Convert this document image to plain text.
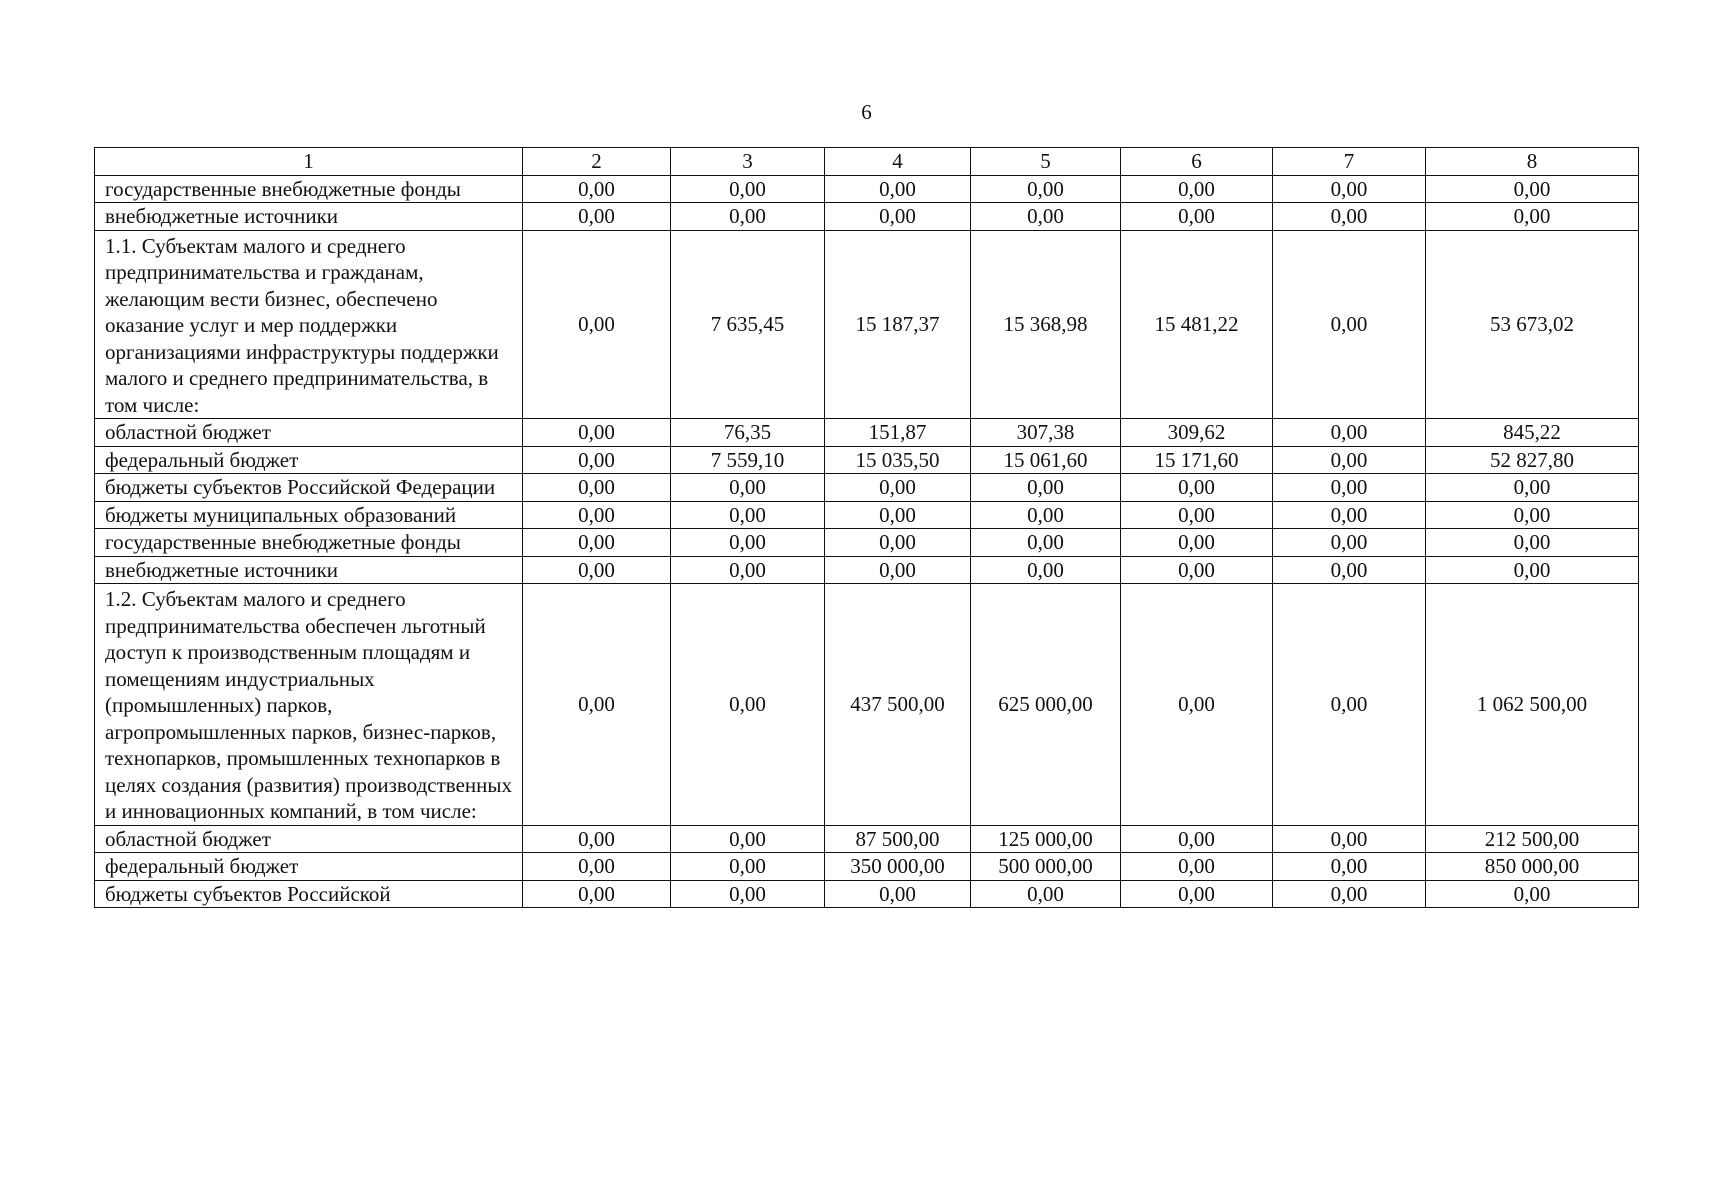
6
1	2	3	4	5	6	7	8
государственные внебюджетные фонды	0,00	0,00	0,00	0,00	0,00	0,00	0,00
внебюджетные источники	0,00	0,00	0,00	0,00	0,00	0,00	0,00
1.1. Субъектам малого и среднего предпринимательства и гражданам, желающим вести бизнес, обеспечено оказание услуг и мер поддержки организациями инфраструктуры поддержки малого и среднего предпринимательства, в том числе:	0,00	7 635,45	15 187,37	15 368,98	15 481,22	0,00	53 673,02
областной бюджет	0,00	76,35	151,87	307,38	309,62	0,00	845,22
федеральный бюджет	0,00	7 559,10	15 035,50	15 061,60	15 171,60	0,00	52 827,80
бюджеты субъектов Российской Федерации	0,00	0,00	0,00	0,00	0,00	0,00	0,00
бюджеты муниципальных образований	0,00	0,00	0,00	0,00	0,00	0,00	0,00
государственные внебюджетные фонды	0,00	0,00	0,00	0,00	0,00	0,00	0,00
внебюджетные источники	0,00	0,00	0,00	0,00	0,00	0,00	0,00
1.2. Субъектам малого и среднего предпринимательства обеспечен льготный доступ к производственным площадям и помещениям индустриальных (промышленных) парков, агропромышленных парков, бизнес-парков, технопарков, промышленных технопарков в целях создания (развития) производственных и инновационных компаний, в том числе:	0,00	0,00	437 500,00	625 000,00	0,00	0,00	1 062 500,00
областной бюджет	0,00	0,00	87 500,00	125 000,00	0,00	0,00	212 500,00
федеральный бюджет	0,00	0,00	350 000,00	500 000,00	0,00	0,00	850 000,00
бюджеты субъектов Российской	0,00	0,00	0,00	0,00	0,00	0,00	0,00
